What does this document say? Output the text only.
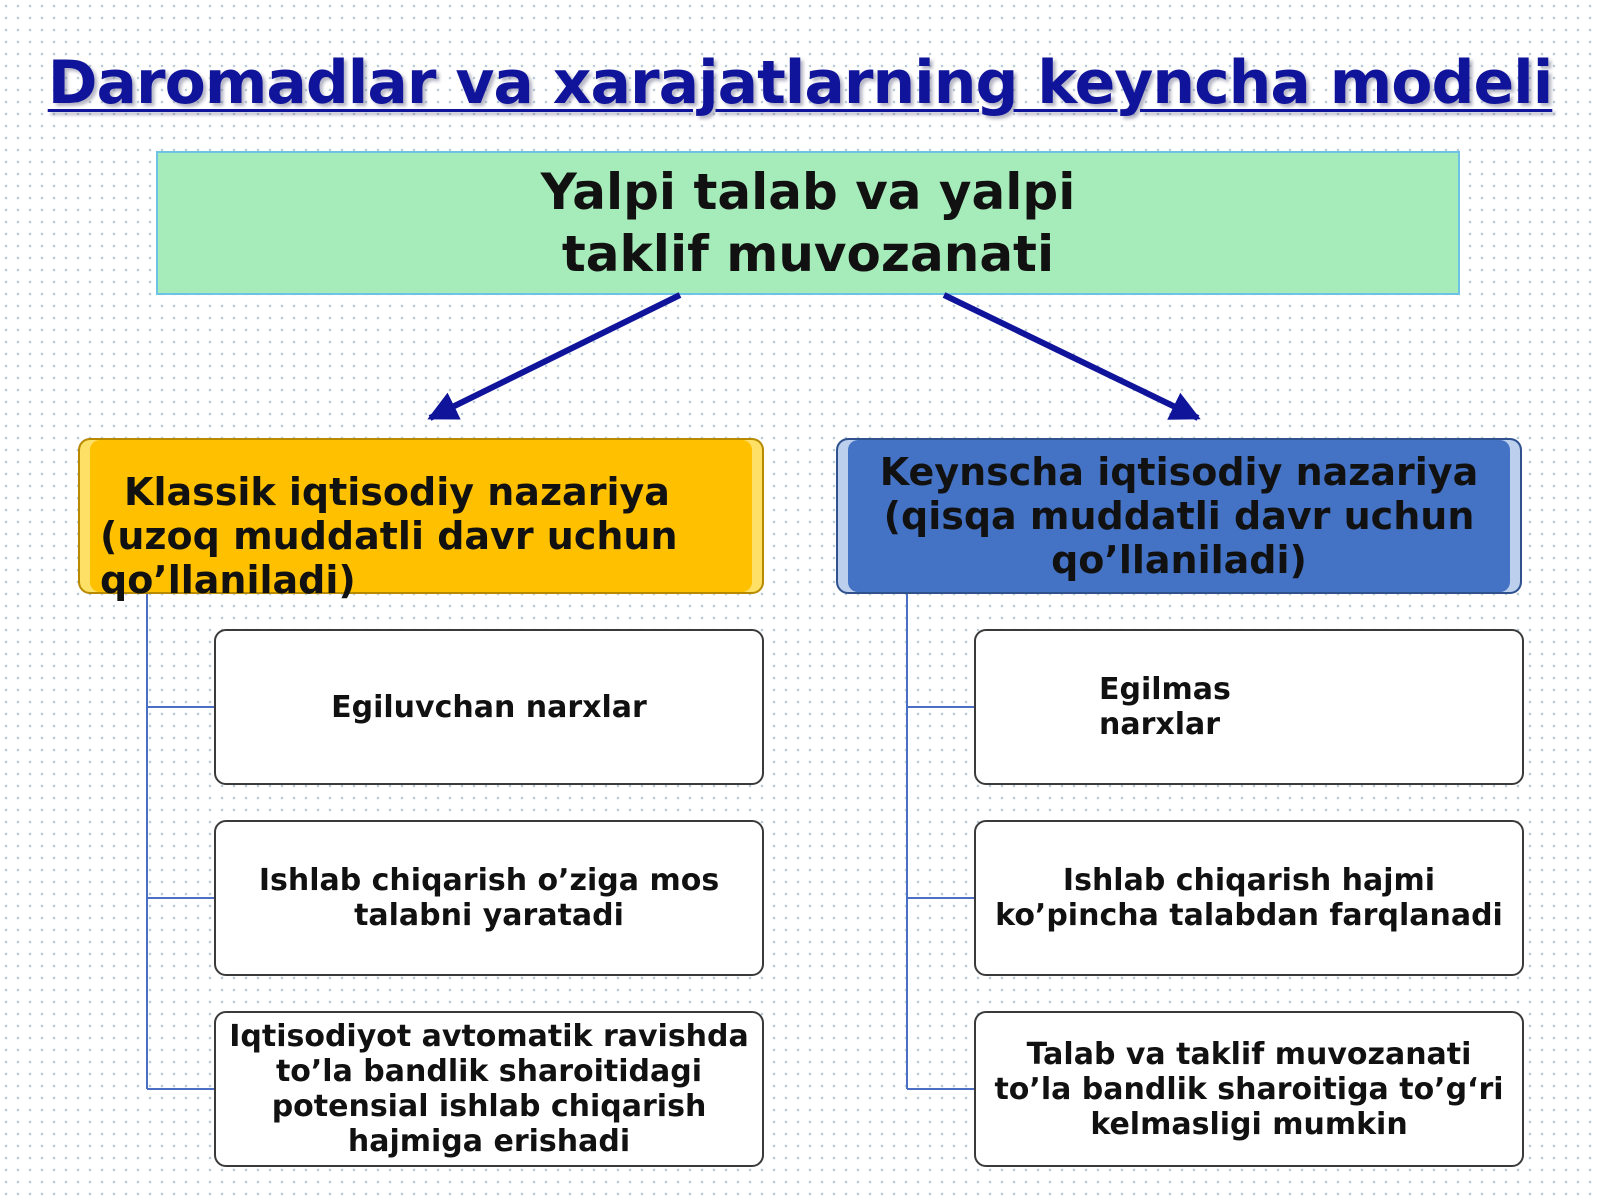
Daromadlar va xarajatlarning keyncha modeli
Yalpi talab va yalpi taklif muvozanati
Klassik iqtisodiy nazariya (uzoq muddatli davr uchun qo’llaniladi)
Keynscha iqtisodiy nazariya (qisqa muddatli davr uchun qo’llaniladi)
Egiluvchan narxlar
Ishlab chiqarish o’ziga mos talabni yaratadi
Iqtisodiyot avtomatik ravishda to’la bandlik sharoitidagi potensial ishlab chiqarish hajmiga erishadi
Egilmas narxlar
Ishlab chiqarish hajmi ko’pincha talabdan farqlanadi
Talab va taklif muvozanati to’la bandlik sharoitiga to’g‘ri kelmasligi mumkin
